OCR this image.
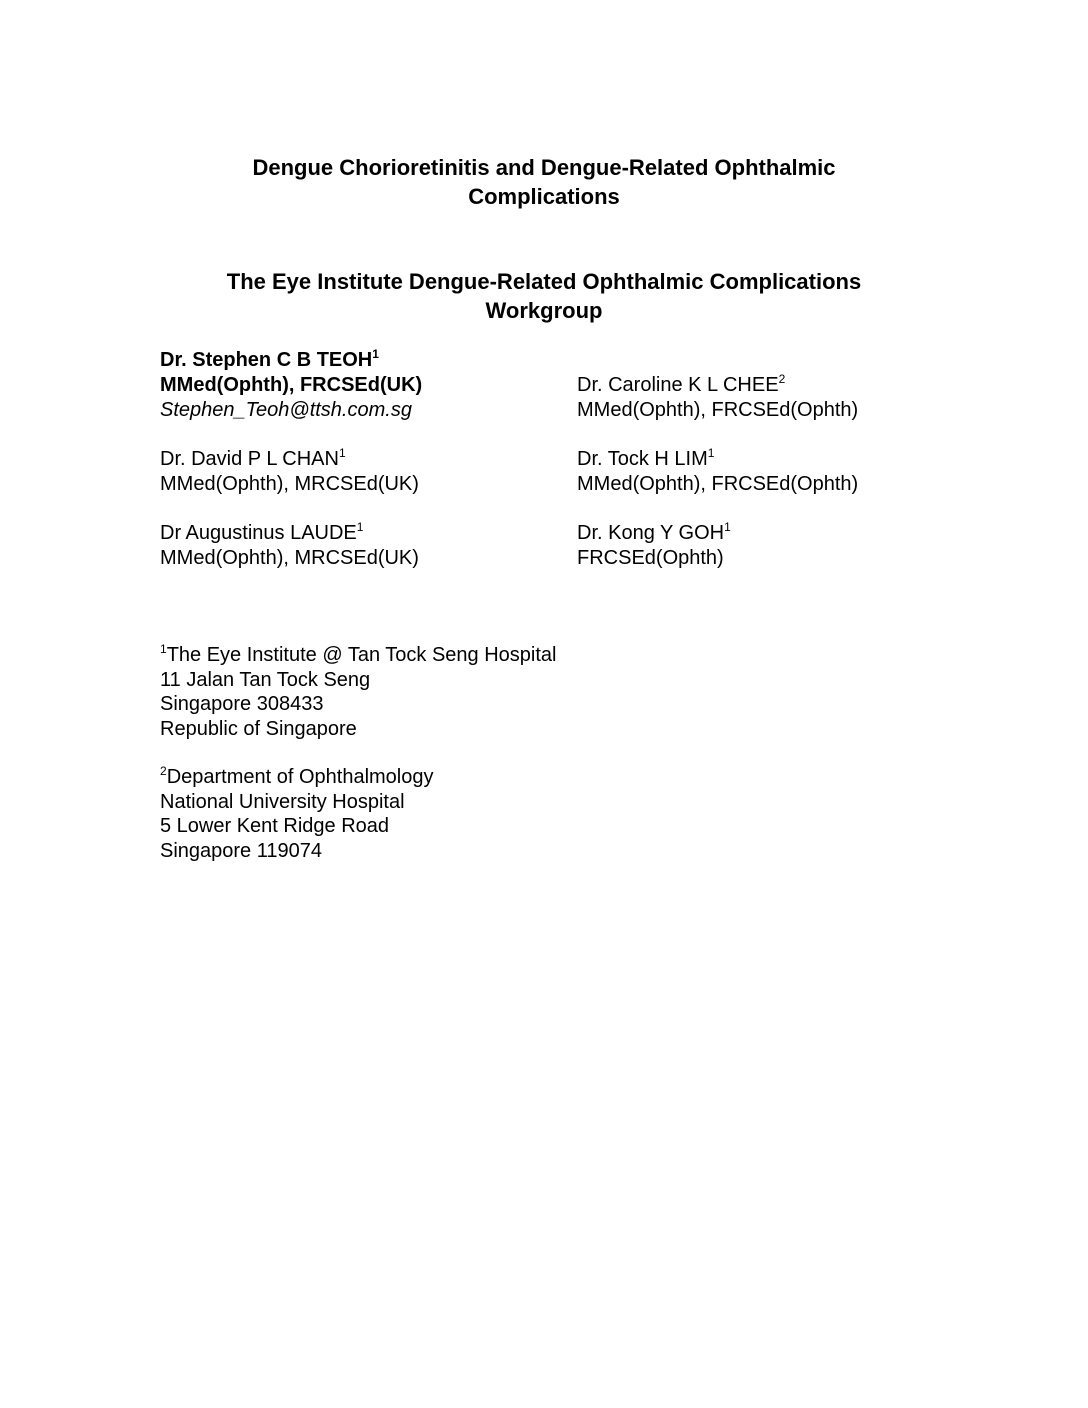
Dengue Chorioretinitis and Dengue-Related Ophthalmic
Complications
The Eye Institute Dengue-Related Ophthalmic Complications
Workgroup
Dr. Stephen C B TEOH$^1$
MMed(Ophth), FRCSEd(UK)
Stephen_Teoh@ttsh.com.sg
Dr. Caroline K L CHEE$^2$
MMed(Ophth), FRCSEd(Ophth)
Dr. David P L CHAN$^1$
MMed(Ophth), MRCSEd(UK)
Dr. Tock H LIM$^1$
MMed(Ophth), FRCSEd(Ophth)
Dr Augustinus LAUDE$^1$
MMed(Ophth), MRCSEd(UK)
Dr. Kong Y GOH$^1$
FRCSEd(Ophth)
$^1$The Eye Institute @ Tan Tock Seng Hospital
11 Jalan Tan Tock Seng
Singapore 308433
Republic of Singapore
$^2$Department of Ophthalmology
National University Hospital
5 Lower Kent Ridge Road
Singapore 119074
